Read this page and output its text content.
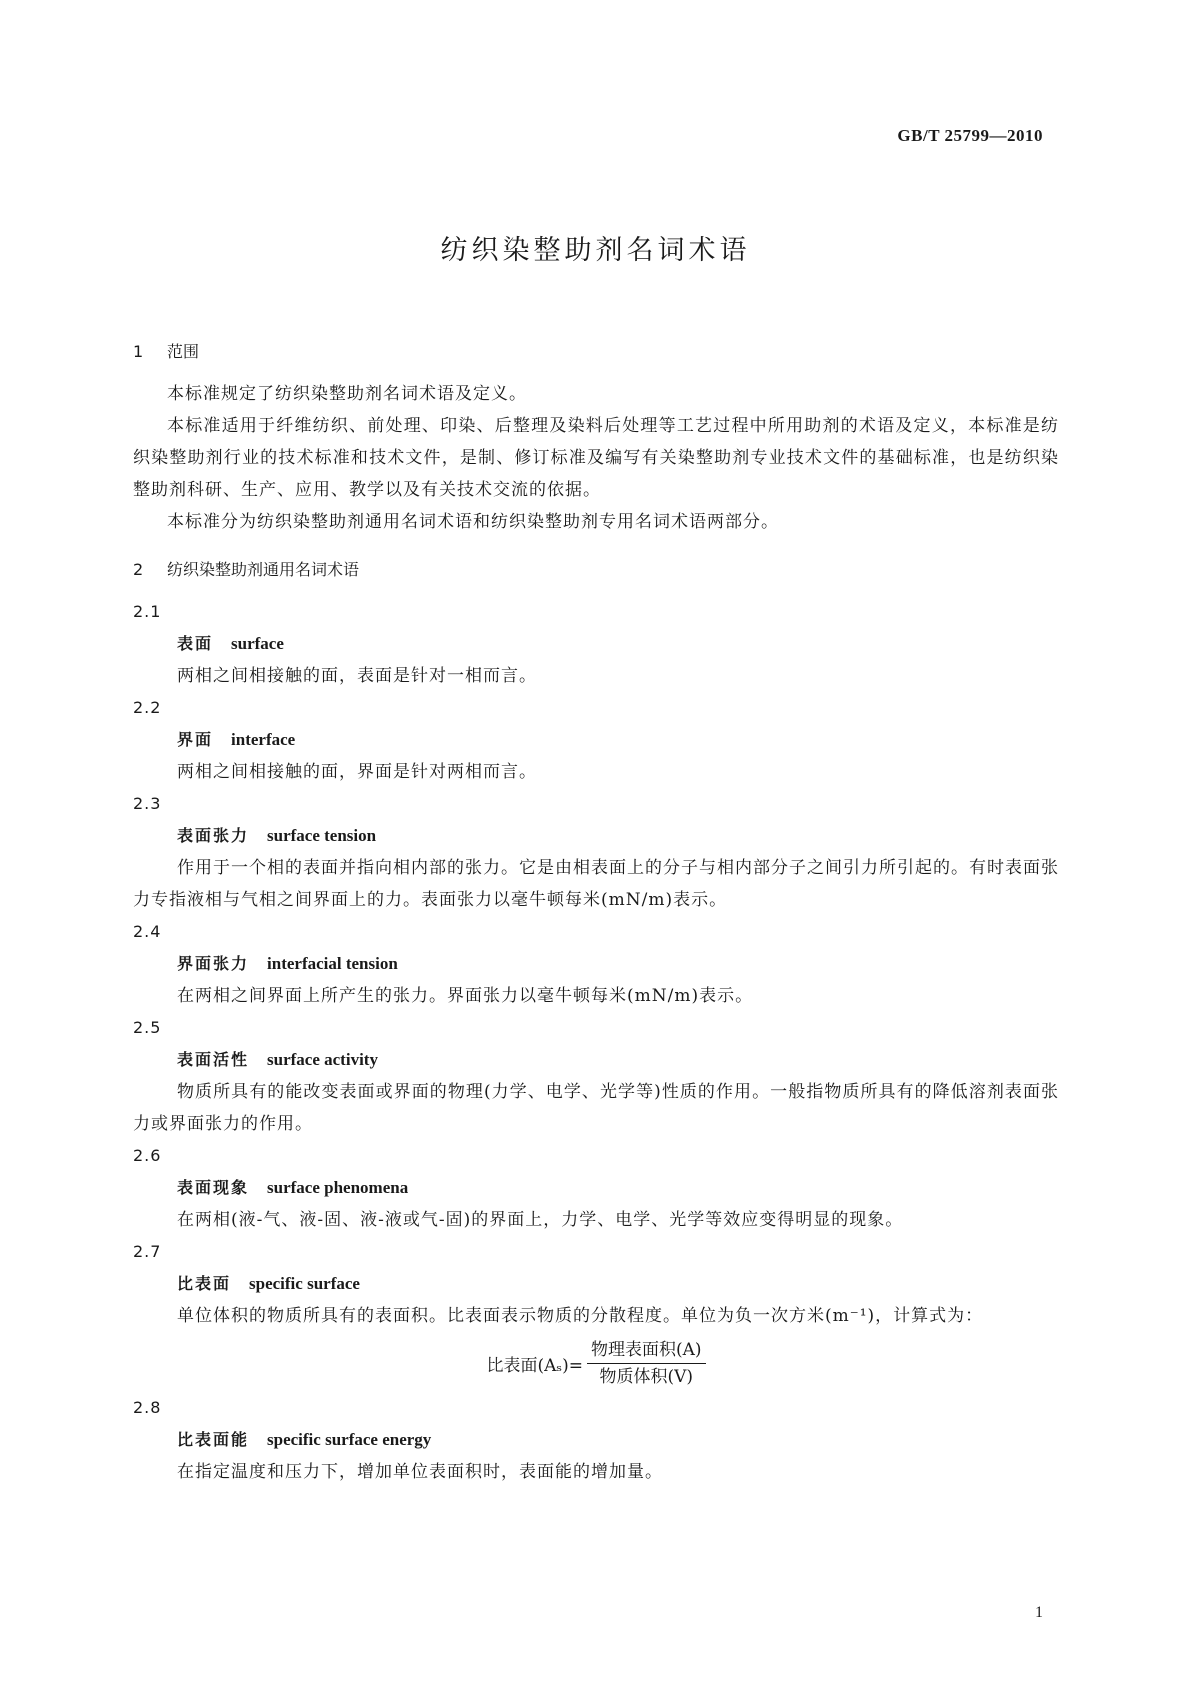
GB/T 25799—2010
纺织染整助剂名词术语
1 范围

本标准规定了纺织染整助剂名词术语及定义。

本标准适用于纤维纺织、前处理、印染、后整理及染料后处理等工艺过程中所用助剂的术语及定义，本标准是纺织染整助剂行业的技术标准和技术文件，是制、修订标准及编写有关染整助剂专业技术文件的基础标准，也是纺织染整助剂科研、生产、应用、教学以及有关技术交流的依据。

本标准分为纺织染整助剂通用名词术语和纺织染整助剂专用名词术语两部分。

2 纺织染整助剂通用名词术语
2.1
表面 surface

两相之间相接触的面，表面是针对一相而言。

2.2
界面 interface

两相之间相接触的面，界面是针对两相而言。

2.3
表面张力 surface tension

作用于一个相的表面并指向相内部的张力。它是由相表面上的分子与相内部分子之间引力所引起的。有时表面张力专指液相与气相之间界面上的力。表面张力以毫牛顿每米(mN/m)表示。

2.4
界面张力 interfacial tension

在两相之间界面上所产生的张力。界面张力以毫牛顿每米(mN/m)表示。

2.5
表面活性 surface activity

物质所具有的能改变表面或界面的物理(力学、电学、光学等)性质的作用。一般指物质所具有的降低溶剂表面张力或界面张力的作用。

2.6
表面现象 surface phenomena

在两相(液-气、液-固、液-液或气-固)的界面上，力学、电学、光学等效应变得明显的现象。

2.7
比表面 specific surface

单位体积的物质所具有的表面积。比表面表示物质的分散程度。单位为负一次方米(m⁻¹)，计算式为：

比表面$(A_s)= \frac{\text{物理表面积(A)}}{\text{物质体积(V)}}$
2.8
比表面能 specific surface energy

在指定温度和压力下，增加单位表面积时，表面能的增加量。

1
